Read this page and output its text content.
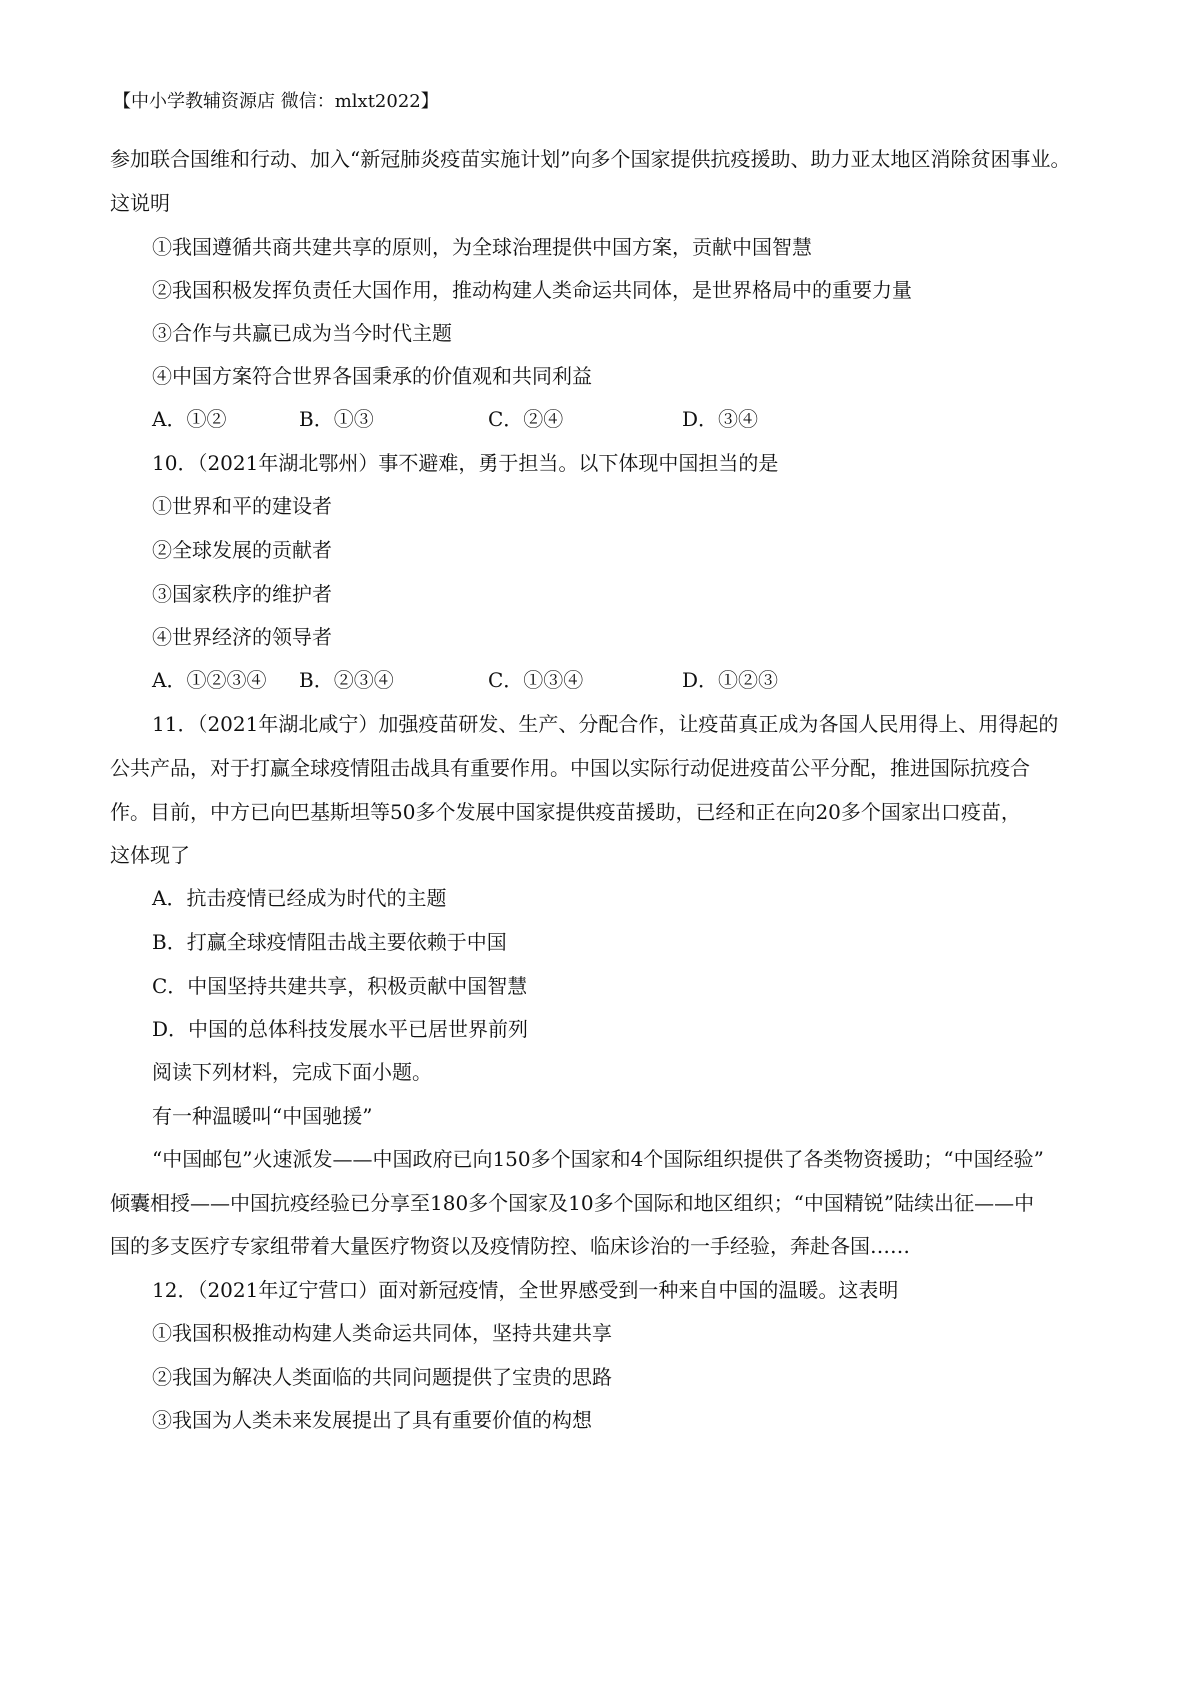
【中小学教辅资源店 微信：mlxt2022】
参加联合国维和行动、加入“新冠肺炎疫苗实施计划”向多个国家提供抗疫援助、助力亚太地区消除贫困事业。
这说明
①我国遵循共商共建共享的原则，为全球治理提供中国方案，贡献中国智慧
②我国积极发挥负责任大国作用，推动构建人类命运共同体，是世界格局中的重要力量
③合作与共赢已成为当今时代主题
④中国方案符合世界各国秉承的价值观和共同利益
A．①②	B．①③	C．②④	D．③④
10．（2021年湖北鄂州）事不避难，勇于担当。以下体现中国担当的是
①世界和平的建设者
②全球发展的贡献者
③国家秩序的维护者
④世界经济的领导者
A．①②③④ B．②③④	C．①③④	D．①②③
11．（2021年湖北咸宁）加强疫苗研发、生产、分配合作，让疫苗真正成为各国人民用得上、用得起的
公共产品，对于打赢全球疫情阻击战具有重要作用。中国以实际行动促进疫苗公平分配，推进国际抗疫合
作。目前，中方已向巴基斯坦等50多个发展中国家提供疫苗援助，已经和正在向20多个国家出口疫苗，
这体现了
A．抗击疫情已经成为时代的主题
B．打赢全球疫情阻击战主要依赖于中国
C．中国坚持共建共享，积极贡献中国智慧
D．中国的总体科技发展水平已居世界前列
阅读下列材料，完成下面小题。
有一种温暖叫“中国驰援”
“中国邮包”火速派发——中国政府已向150多个国家和4个国际组织提供了各类物资援助；“中国经验”
倾囊相授——中国抗疫经验已分享至180多个国家及10多个国际和地区组织；“中国精锐”陆续出征——中
国的多支医疗专家组带着大量医疗物资以及疫情防控、临床诊治的一手经验，奔赴各国……
12．（2021年辽宁营口）面对新冠疫情，全世界感受到一种来自中国的温暖。这表明
①我国积极推动构建人类命运共同体，坚持共建共享
②我国为解决人类面临的共同问题提供了宝贵的思路
③我国为人类未来发展提出了具有重要价值的构想
